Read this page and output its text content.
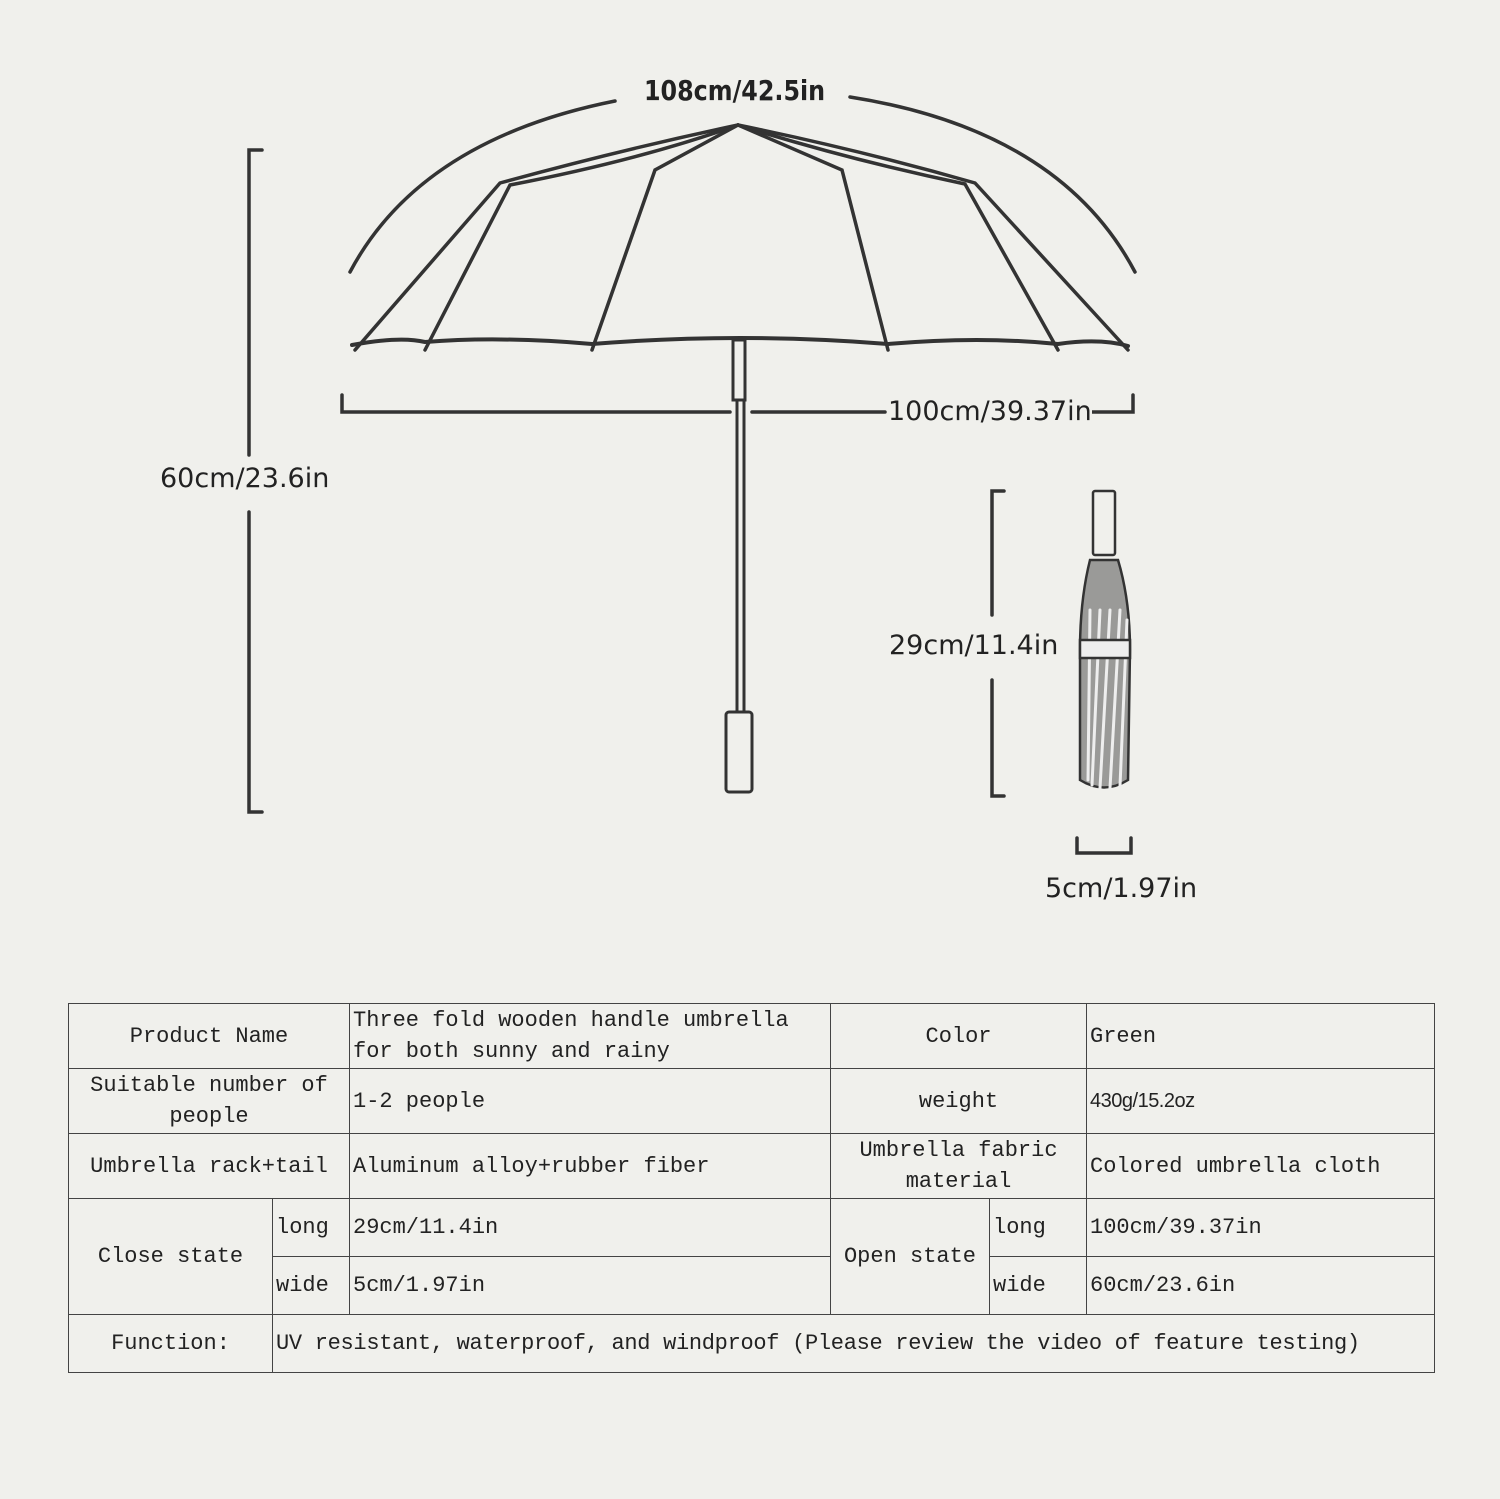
108cm/42.5in
100cm/39.37in
60cm/23.6in
29cm/11.4in
5cm/1.97in
Product Name		Three fold wooden handle umbrella for both sunny and rainy	Color		Green
Suitable number of people		1-2 people	weight		430g/15.2oz
Umbrella rack+tail		Aluminum alloy+rubber fiber	Umbrella fabric material		Colored umbrella cloth
Close state	long	29cm/11.4in	Open state	long	100cm/39.37in
	wide	5cm/1.97in		wide	60cm/23.6in
Function:	UV resistant, waterproof, and windproof (Please review the video of feature testing)				
